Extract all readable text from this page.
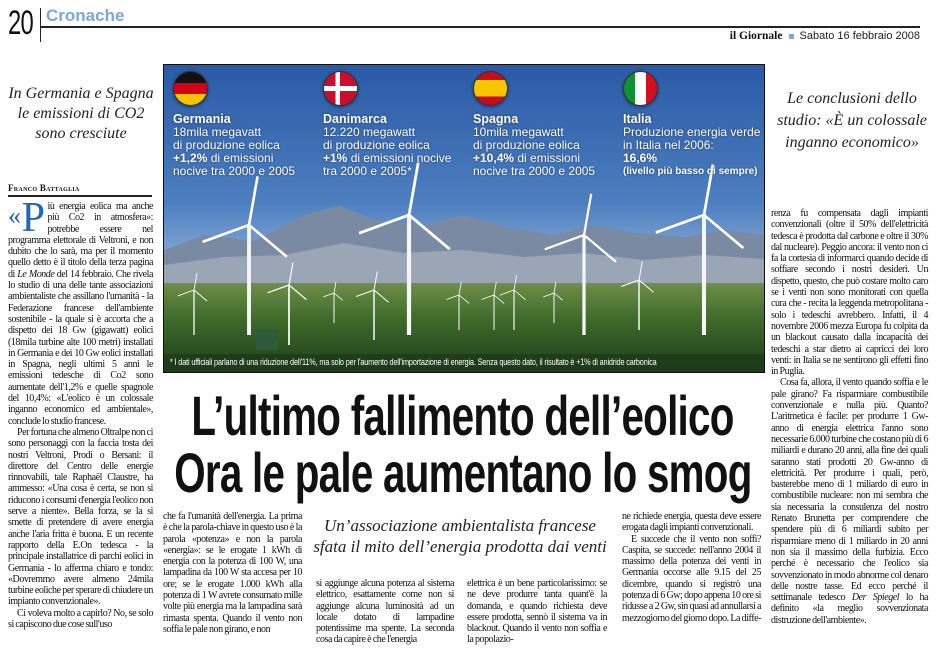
20 Cronache
il Giornale Sabato 16 febbraio 2008
In Germania e Spagna le emissioni di CO2 sono cresciute
Franco Battaglia

« P iù energia eolica ma anche più Co2 in atmosfera»: potrebbe essere nel programma elettorale di Veltroni, e non dubito che lo sarà, ma per il momento quello detto è il titolo della terza pagina di Le Monde del 14 febbraio. Che rivela lo studio di una delle tante associazioni ambientaliste che assillano l'umanità - la Federazione francese dell'ambiente sostenibile - la quale si è accorta che a dispetto dei 18 Gw (gigawatt) eolici (18mila turbine alte 100 metri) installati in Germania e dei 10 Gw eolici installati in Spagna, negli ultimi 5 anni le emissioni tedesche di Co2 sono aumentate dell'1,2% e quelle spagnole del 10,4%: «L'eolico è un colossale inganno economico ed ambientale», conclude lo studio francese.

Per fortuna che almeno Oltralpe non ci sono personaggi con la faccia tosta dei nostri Veltroni, Prodi o Bersani: il direttore del Centro delle energie rinnovabili, tale Raphaël Claustre, ha ammesso: «Una cosa è certa, se non si riducono i consumi d'energia l'eolico non serve a niente». Bella forza, se la si smette di pretendere di avere energia anche l'aria fritta è buona. E un recente rapporto della E.On tedesca - la principale installatrice di parchi eolici in Germania - lo afferma chiaro e tondo: «Dovremmo avere almeno 24mila turbine eoliche per sperare di chiudere un impianto convenzionale».

Ci voleva molto a capirlo? No, se solo si capiscono due cose sull'uso

Germania
18mila megavatt
di produzione eolica
+1,2% di emissioni
nocive tra 2000 e 2005
Danimarca
12.220 megawatt
di produzione eolica
+1% di emissioni nocive
tra 2000 e 2005*
Spagna
10mila megawatt
di produzione eolica
+10,4% di emissioni
nocive tra 2000 e 2005
Italia
Produzione energia verde
in Italia nel 2006:
16,6%
(livello più basso di sempre)
* I dati ufficiali parlano di una riduzione dell'11%, ma solo per l'aumento dell'importazione di energia. Senza questo dato, il risultato è +1% di anidride carbonica
Le conclusioni dello studio: «È un colossale inganno economico»

renza fu compensata dagli impianti convenzionali (oltre il 50% dell'elettricità tedesca è prodotta dal carbone e oltre il 30% dal nucleare). Peggio ancora: il vento non ci fa la cortesia di informarci quando decide di soffiare secondo i nostri desideri. Un dispetto, questo, che può costare molto caro se i venti non sono monitorati con quella cura che - recita la leggenda metropolitana - solo i tedeschi avrebbero. Infatti, il 4 novembre 2006 mezza Europa fu colpita da un blackout causato dalla incapacità dei tedeschi a star dietro ai capricci dei loro venti: in Italia se ne sentirono gli effetti fino in Puglia.

Cosa fa, allora, il vento quando soffia e le pale girano? Fa risparmiare combustibile convenzionale e nulla più. Quanto? L'aritmetica è facile: per produrre 1 Gw-anno di energia elettrica l'anno sono necessarie 6.000 turbine che costano più di 6 miliardi e durano 20 anni, alla fine dei quali saranno stati prodotti 20 Gw-anno di elettricità. Per produrre i quali, però, basterebbe meno di 1 miliardo di euro in combustibile nucleare: non mi sembra che sia necessaria la consulenza del nostro Renato Brunetta per comprendere che spendere più di 6 miliardi subito per risparmiare meno di 1 miliardo in 20 anni non sia il massimo della furbizia. Ecco perché è necessario che l'eolico sia sovvenzionato in modo abnorme col denaro delle nostre tasse. Ed ecco perché il settimanale tedesco Der Spiegel lo ha definito «la meglio sovvenzionata distruzione dell'ambiente».

L’ultimo fallimento dell’eolico
Ora le pale aumentano lo smog
Un’associazione ambientalista francese sfata il mito dell’energia prodotta dai venti

che fa l'umanità dell'energia. La prima è che la parola-chiave in questo uso è la parola «potenza» e non la parola «energia»: se le erogate 1 kWh di energia con la potenza di 100 W, una lampadina da 100 W sta accesa per 10 ore; se le erogate 1.000 kWh alla potenza di 1 W avrete consumato mille volte più energia ma la lampadina sarà rimasta spenta. Quando il vento non soffia le pale non girano, e non

si aggiunge alcuna potenza al sistema elettrico, esattamente come non si aggiunge alcuna luminosità ad un locale dotato di lampadine potentissime ma spente. La seconda cosa da capire è che l'energia

elettrica è un bene particolarissimo: se ne deve produrre tanta quant'è la domanda, e quando richiesta deve essere prodotta, sennò il sistema va in blackout. Quando il vento non soffia e la popolazio-

ne richiede energia, questa deve essere erogata dagli impianti convenzionali.

E succede che il vento non soffi? Caspita, se succede: nell'anno 2004 il massimo della potenza dei venti in Germania occorse alle 9.15 del 25 dicembre, quando si registrò una potenza di 6 Gw; dopo appena 10 ore si ridusse a 2 Gw, sin quasi ad annullarsi a mezzogiorno del giorno dopo. La diffe-
